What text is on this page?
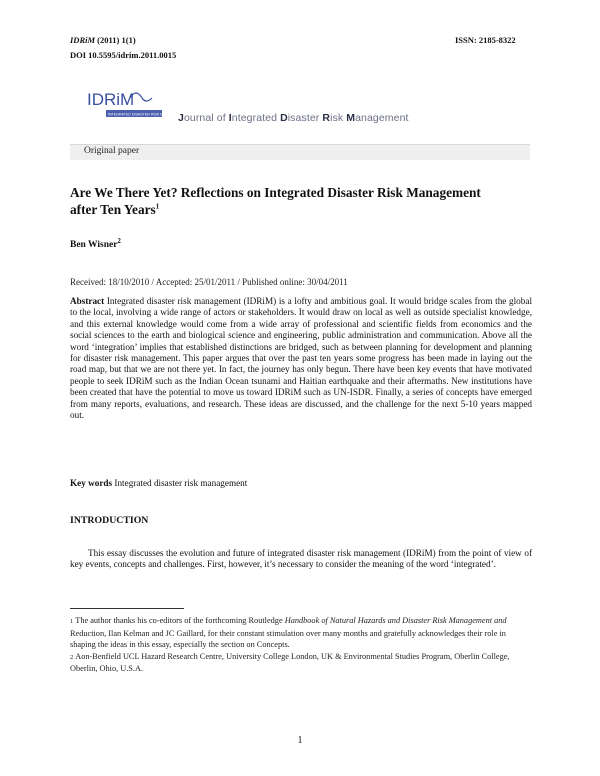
IDRiM (2011) 1(1)
DOI 10.5595/idrim.2011.0015
ISSN: 2185-8322
IDRiM
INTEGRATED DISASTER RISK M	Journal of Integrated Disaster Risk Management
Original paper
Are We There Yet? Reflections on Integrated Disaster Risk Management
after Ten Years$^1$
Ben Wisner$^2$
Received: 18/10/2010 / Accepted: 25/01/2011 / Published online: 30/04/2011
Abstract Integrated disaster risk management (IDRiM) is a lofty and ambitious goal. It would bridge scales from the global to the local, involving a wide range of actors or stakeholders. It would draw on local as well as outside specialist knowledge, and this external knowledge would come from a wide array of professional and scientific fields from economics and the social sciences to the earth and biological science and engineering, public administration and communication. Above all the word ‘integration’ implies that established distinctions are bridged, such as between planning for development and planning for disaster risk management. This paper argues that over the past ten years some progress has been made in laying out the road map, but that we are not there yet. In fact, the journey has only begun. There have been key events that have motivated people to seek IDRiM such as the Indian Ocean tsunami and Haitian earthquake and their aftermaths. New institutions have been created that have the potential to move us toward IDRiM such as UN-ISDR. Finally, a series of concepts have emerged from many reports, evaluations, and research. These ideas are discussed, and the challenge for the next 5-10 years mapped out.
Key words Integrated disaster risk management
INTRODUCTION
This essay discusses the evolution and future of integrated disaster risk management (IDRiM) from the point of view of key events, concepts and challenges. First, however, it’s necessary to consider the meaning of the word ‘integrated’.

1 The author thanks his co-editors of the forthcoming Routledge Handbook of Natural Hazards and Disaster Risk Management and Reduction, Ilan Kelman and JC Gaillard, for their constant stimulation over many months and gratefully acknowledges their role in shaping the ideas in this essay, especially the section on Concepts.

2 Aon-Benfield UCL Hazard Research Centre, University College London, UK & Environmental Studies Program, Oberlin College, Oberlin, Ohio, U.S.A.

1
